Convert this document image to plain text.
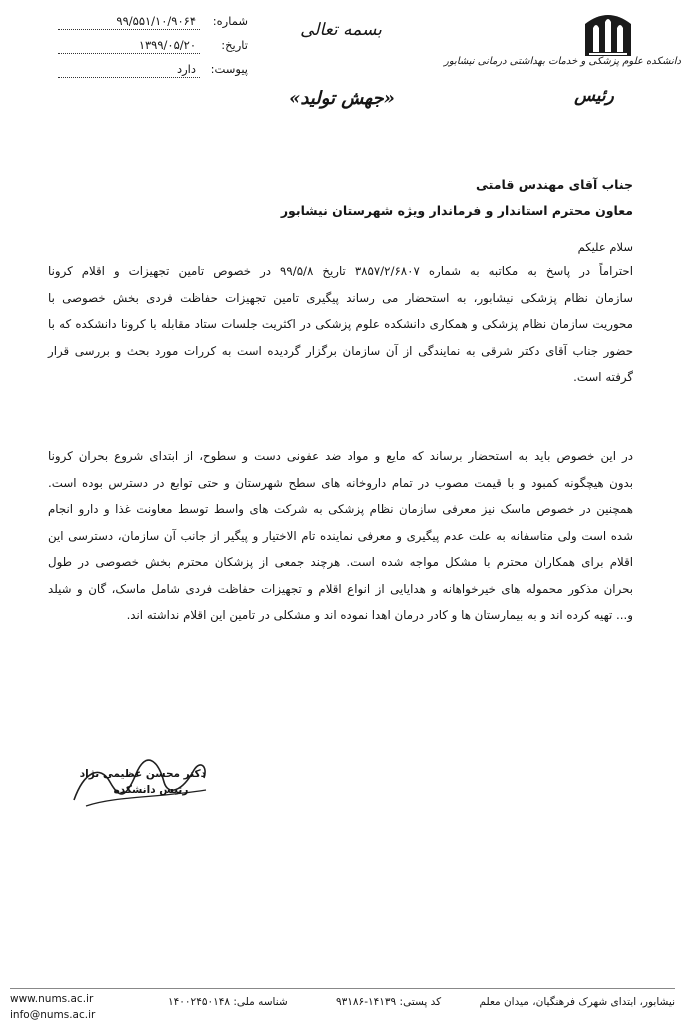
شماره:
۹۹/۵۵۱/۱۰/۹۰۶۴
تاریخ:
۱۳۹۹/۰۵/۲۰
پیوست:
دارد
بسمه تعالی
«جهش تولید»
دانشکده علوم پزشکی و خدمات بهداشتی درمانی نیشابور
رئیس
جناب آقای مهندس قامتی
معاون محترم استاندار و فرماندار ویژه شهرستان نیشابور
سلام علیکم
احتراماً در پاسخ به مکاتبه به شماره ۳۸۵۷/۲/۶۸۰۷ تاریخ ۹۹/۵/۸ در خصوص تامین تجهیزات و اقلام کرونا
سازمان نظام پزشکی نیشابور، به استحضار می رساند پیگیری تامین تجهیزات حفاظت فردی بخش خصوصی با
محوریت سازمان نظام پزشکی و همکاری دانشکده علوم پزشکی در اکثریت جلسات ستاد مقابله با کرونا دانشکده که با
حضور جناب آقای دکتر شرقی به نمایندگی از آن سازمان برگزار گردیده است به کررات مورد بحث و بررسی قرار
گرفته است.
در این خصوص باید به استحضار برساند که مایع و مواد ضد عفونی دست و سطوح، از ابتدای شروع بحران کرونا
بدون هیچگونه کمبود و با قیمت مصوب در تمام داروخانه های سطح شهرستان و حتی توابع در دسترس بوده است.
همچنین در خصوص ماسک نیز معرفی سازمان نظام پزشکی به شرکت های واسط توسط معاونت غذا و دارو انجام
شده است ولی متاسفانه به علت عدم پیگیری و معرفی نماینده تام الاختیار و پیگیر از جانب آن سازمان، دسترسی این
اقلام برای همکاران محترم با مشکل مواجه شده است. هرچند جمعی از پزشکان محترم بخش خصوصی در طول
بحران مذکور محموله های خیرخواهانه و هدایایی از انواع اقلام و تجهیزات حفاظت فردی شامل ماسک، گان و شیلد
و... تهیه کرده اند و به بیمارستان ها و کادر درمان اهدا نموده اند و مشکلی در تامین این اقلام نداشته اند.
دکتر محسن عظیمی نژاد
رئیس دانشکده
www.nums.ac.ir
info@nums.ac.ir
شناسه ملی: ۱۴۰۰۲۴۵۰۱۴۸	کد پستی: ۱۴۱۳۹-۹۳۱۸۶	نیشابور، ابتدای شهرک فرهنگیان، میدان معلم
